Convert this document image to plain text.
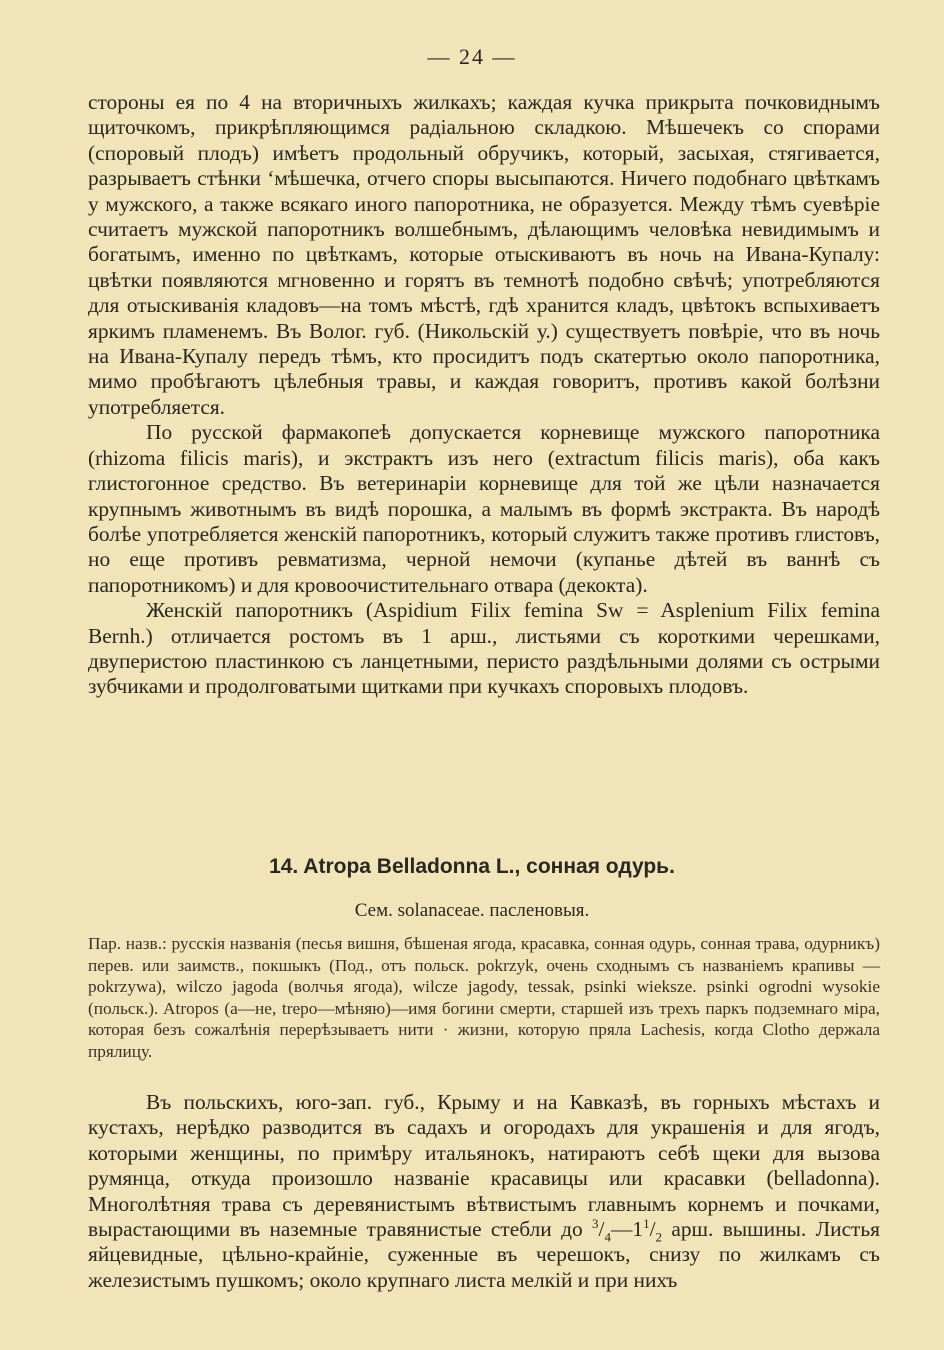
— 24 —

стороны ея по 4 на вторичныхъ жилкахъ; каждая кучка прикрыта почковиднымъ щиточкомъ, прикрѣпляющимся радiальною складкою. Мѣшечекъ со спорами (споровый плодъ) имѣетъ продольный обручикъ, который, засыхая, стягивается, разрываетъ стѣнки ‘мѣшечка, отчего споры высыпаются. Ничего подобнаго цвѣткамъ у мужского, а также всякаго иного папоротника, не образуется. Между тѣмъ суевѣрiе считаетъ мужской папоротникъ волшебнымъ, дѣлающимъ человѣка невидимымъ и богатымъ, именно по цвѣткамъ, которые отыскиваютъ въ ночь на Ивана-Купалу: цвѣтки появляются мгновенно и горятъ въ темнотѣ подобно свѣчѣ; употребляются для отыскиванiя кладовъ—на томъ мѣстѣ, гдѣ хранится кладъ, цвѣтокъ вспыхиваетъ яркимъ пламенемъ. Въ Волог. губ. (Никольскiй у.) существуетъ повѣрiе, что въ ночь на Ивана-Купалу передъ тѣмъ, кто просидитъ подъ скатертью около папоротника, мимо пробѣгаютъ цѣлебныя травы, и каждая говоритъ, противъ какой болѣзни употребляется.

По русской фармакопеѣ допускается корневище мужского папоротника (rhizoma filicis maris), и экстрактъ изъ него (extractum filicis maris), оба какъ глистогонное средство. Въ ветеринарiи корневище для той же цѣли назначается крупнымъ животнымъ въ видѣ порошка, а малымъ въ формѣ экстракта. Въ народѣ болѣе употребляется женскiй папоротникъ, который служитъ также противъ глистовъ, но еще противъ ревматизма, черной немочи (купанье дѣтей въ ваннѣ съ папоротникомъ) и для кровоочистительнаго отвара (декокта).

Женскiй папоротникъ (Aspidium Filix femina Sw = Asplenium Filix femina Bernh.) отличается ростомъ въ 1 арш., листьями съ короткими черешками, двуперистою пластинкою съ ланцетными, перисто раздѣльными долями съ острыми зубчиками и продолговатыми щитками при кучкахъ споровыхъ плодовъ.

14. Atropa Belladonna L., сонная одурь.
Сем. solanaceae. пасленовыя.
Пар. назв.: русскiя названiя (песья вишня, бѣшеная ягода, красавка, сонная одурь, сонная трава, одурникъ) перев. или заимств., покшыкъ (Под., отъ польск. pokrzyk, очень сходнымъ съ названiемъ крапивы — pokrzywa), wilczo jagoda (волчья ягода), wilcze jagody, tessak, psinki wieksze. psinki ogrodni wysokie (польск.). Atropos (а—не, trepo—мѣняю)—имя богини смерти, старшей изъ трехъ паркъ подземнаго мiра, которая безъ сожалѣнiя перерѣзываетъ нити · жизни, которую пряла Lachesis, когда Clotho держала прялицу.

Въ польскихъ, юго-зап. губ., Крыму и на Кавказѣ, въ горныхъ мѣстахъ и кустахъ, нерѣдко разводится въ садахъ и огородахъ для украшенiя и для ягодъ, которыми женщины, по примѣру итальянокъ, натираютъ себѣ щеки для вызова румянца, откуда произошло названiе красавицы или красавки (belladonna). Многолѣтняя трава съ деревянистымъ вѣтвистымъ главнымъ корнемъ и почками, вырастающими въ наземные травянистые стебли до $^3/_4—1^1/_2$ арш. вышины. Листья яйцевидные, цѣльно-крайнiе, суженные въ черешокъ, снизу по жилкамъ съ железистымъ пушкомъ; около крупнаго листа мелкiй и при нихъ
